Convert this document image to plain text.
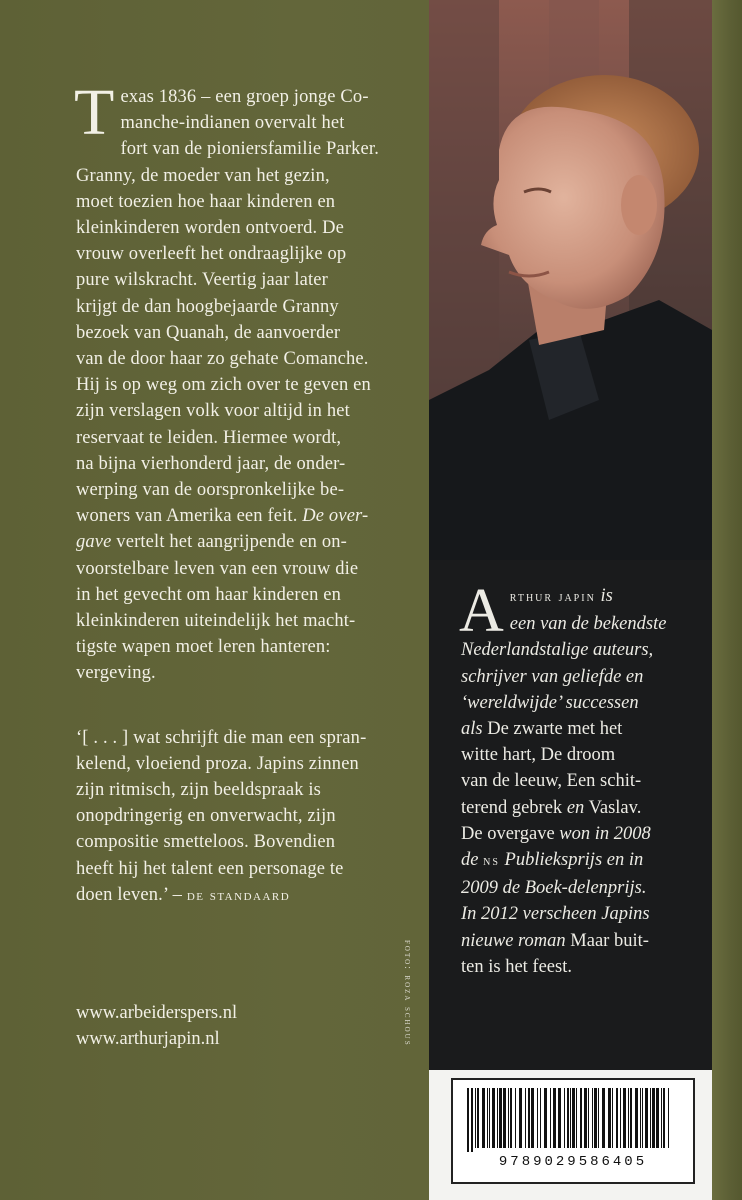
T exas 1836 – een groep jonge Co-
manche-indianen overvalt het
fort van de pioniersfamilie Parker.
Granny, de moeder van het gezin,
moet toezien hoe haar kinderen en
kleinkinderen worden ontvoerd. De
vrouw overleeft het ondraaglijke op
pure wilskracht. Veertig jaar later
krijgt de dan hoogbejaarde Granny
bezoek van Quanah, de aanvoerder
van de door haar zo gehate Comanche.
Hij is op weg om zich over te geven en
zijn verslagen volk voor altijd in het
reservaat te leiden. Hiermee wordt,
na bijna vierhonderd jaar, de onder-
werping van de oorspronkelijke be-
woners van Amerika een feit. De over-
gave vertelt het aangrijpende en on-
voorstelbare leven van een vrouw die
in het gevecht om haar kinderen en
kleinkinderen uiteindelijk het macht-
tigste wapen moet leren hanteren:
vergeving.
‘[ . . . ] wat schrijft die man een spran-
kelend, vloeiend proza. Japins zinnen
zijn ritmisch, zijn beeldspraak is
onopdringerig en onverwacht, zijn
compositie smetteloos. Bovendien
heeft hij het talent een personage te
doen leven.’ – de standaard
www.arbeiderspers.nl
www.arthurjapin.nl
Arthur japin is
een van de bekendste
Nederlandstalige auteurs,
schrijver van geliefde en
‘wereldwijde’ successen
als De zwarte met het
witte hart, De droom
van de leeuw, Een schit-
terend gebrek en Vaslav.
De overgave won in 2008
de ns Publieksprijs en in
2009 de Boek-delenprijs.
In 2012 verscheen Japins
nieuwe roman Maar buit-
ten is het feest.
foto: roza schous
9789029586405
